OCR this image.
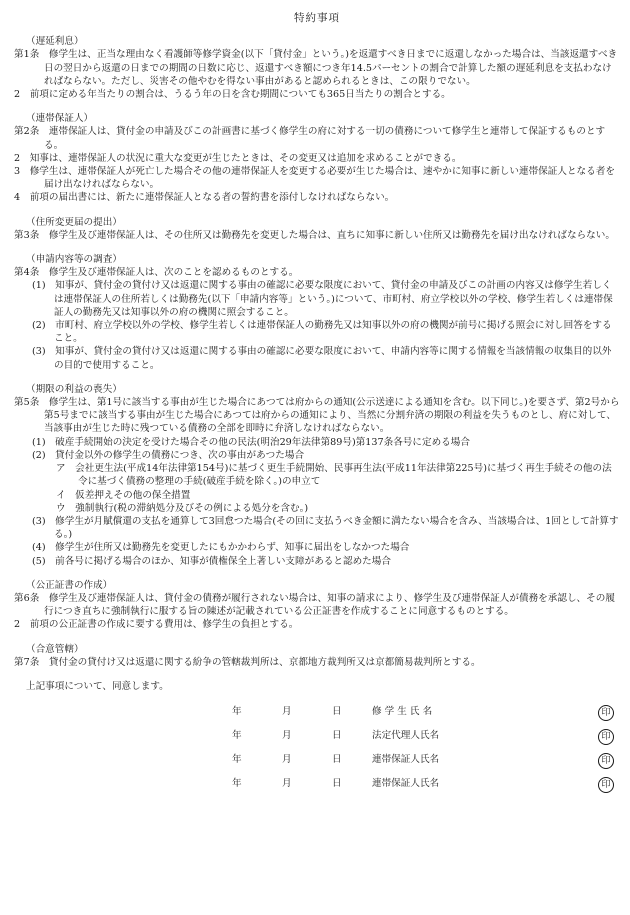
特約事項
（遅延利息）
第1条　修学生は、正当な理由なく看護師等修学資金(以下「貸付金」という。)を返還すべき日までに返還しなかった場合は、当該返還すべき日の翌日から返還の日までの期間の日数に応じ、返還すべき額につき年14.5パーセントの割合で計算した額の遅延利息を支払わなければならない。ただし、災害その他やむを得ない事由があると認められるときは、この限りでない。
2　前項に定める年当たりの割合は、うるう年の日を含む期間についても365日当たりの割合とする。
（連帯保証人）
第2条　連帯保証人は、貸付金の申請及びこの計画書に基づく修学生の府に対する一切の債務について修学生と連帯して保証するものとする。
2　知事は、連帯保証人の状況に重大な変更が生じたときは、その変更又は追加を求めることができる。
3　修学生は、連帯保証人が死亡した場合その他の連帯保証人を変更する必要が生じた場合は、速やかに知事に新しい連帯保証人となる者を届け出なければならない。
4　前項の届出書には、新たに連帯保証人となる者の誓約書を添付しなければならない。
（住所変更届の提出）
第3条　修学生及び連帯保証人は、その住所又は勤務先を変更した場合は、直ちに知事に新しい住所又は勤務先を届け出なければならない。
（申請内容等の調査）
第4条　修学生及び連帯保証人は、次のことを認めるものとする。
(1)　知事が、貸付金の貸付け又は返還に関する事由の確認に必要な限度において、貸付金の申請及びこの計画の内容又は修学生若しくは連帯保証人の住所若しくは勤務先(以下「申請内容等」という。)について、市町村、府立学校以外の学校、修学生若しくは連帯保証人の勤務先又は知事以外の府の機関に照会すること。
(2)　市町村、府立学校以外の学校、修学生若しくは連帯保証人の勤務先又は知事以外の府の機関が前号に掲げる照会に対し回答をすること。
(3)　知事が、貸付金の貸付け又は返還に関する事由の確認に必要な限度において、申請内容等に関する情報を当該情報の収集目的以外の目的で使用すること。
（期限の利益の喪失）
第5条　修学生は、第1号に該当する事由が生じた場合にあつては府からの通知(公示送達による通知を含む。以下同じ。)を要さず、第2号から第5号までに該当する事由が生じた場合にあつては府からの通知により、当然に分割弁済の期限の利益を失うものとし、府に対して、当該事由が生じた時に残つている債務の全部を即時に弁済しなければならない。
(1)　破産手続開始の決定を受けた場合その他の民法(明治29年法律第89号)第137条各号に定める場合
(2)　貸付金以外の修学生の債務につき、次の事由があつた場合
ア　会社更生法(平成14年法律第154号)に基づく更生手続開始、民事再生法(平成11年法律第225号)に基づく再生手続その他の法令に基づく債務の整理の手続(破産手続を除く。)の申立て
イ　仮差押えその他の保全措置
ウ　強制執行(税の滞納処分及びその例による処分を含む。)
(3)　修学生が月賦償還の支払を通算して3回怠つた場合(その回に支払うべき金額に満たない場合を含み、当該場合は、1回として計算する。)
(4)　修学生が住所又は勤務先を変更したにもかかわらず、知事に届出をしなかつた場合
(5)　前各号に掲げる場合のほか、知事が債権保全上著しい支障があると認めた場合
（公正証書の作成）
第6条　修学生及び連帯保証人は、貸付金の債務が履行されない場合は、知事の請求により、修学生及び連帯保証人が債務を承認し、その履行につき直ちに強制執行に服する旨の陳述が記載されている公正証書を作成することに同意するものとする。
2　前項の公正証書の作成に要する費用は、修学生の負担とする。
（合意管轄）
第7条　貸付金の貸付け又は返還に関する紛争の管轄裁判所は、京都地方裁判所又は京都簡易裁判所とする。
上記事項について、同意します。
年	月	日	修 学 生 氏 名	印
年	月	日	法定代理人氏名	印
年	月	日	連帯保証人氏名	印
年	月	日	連帯保証人氏名	印
